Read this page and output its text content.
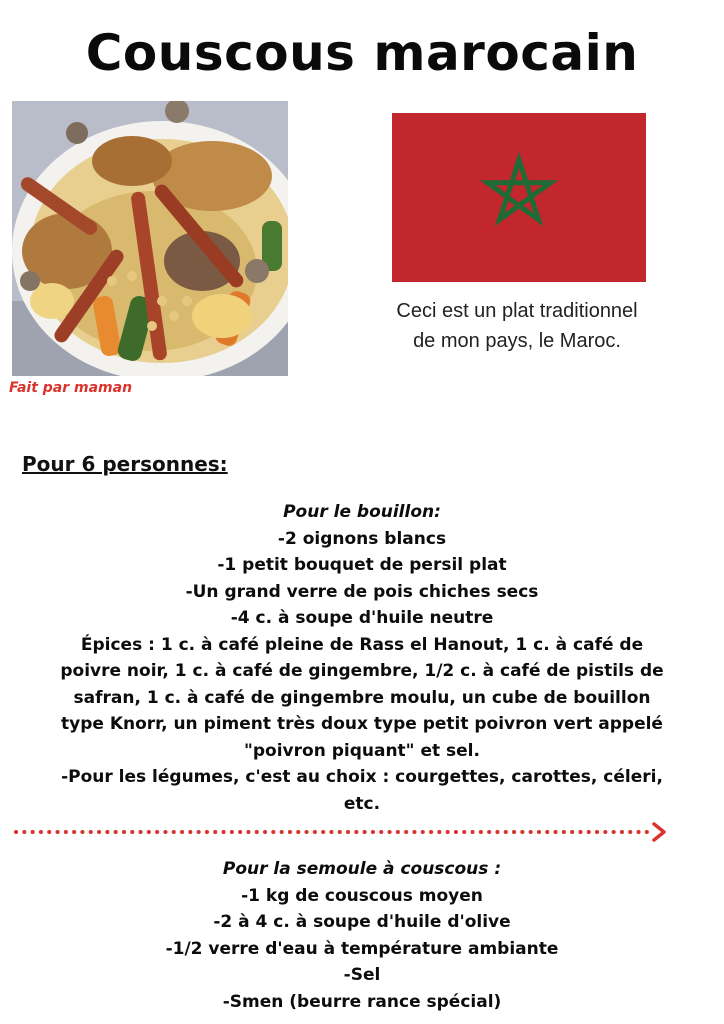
Couscous marocain
Fait par maman
Ceci est un plat traditionnel
de mon pays, le Maroc.
Pour 6 personnes:
Pour le bouillon:
-2 oignons blancs
-1 petit bouquet de persil plat
-Un grand verre de pois chiches secs
-4 c. à soupe d'huile neutre
Épices : 1 c. à café pleine de Rass el Hanout, 1 c. à café de
poivre noir, 1 c. à café de gingembre, 1/2 c. à café de pistils de
safran, 1 c. à café de gingembre moulu, un cube de bouillon
type Knorr, un piment très doux type petit poivron vert appelé
"poivron piquant" et sel.
-Pour les légumes, c'est au choix : courgettes, carottes, céleri,
etc.
Pour la semoule à couscous :
-1 kg de couscous moyen
-2 à 4 c. à soupe d'huile d'olive
-1/2 verre d'eau à température ambiante
-Sel
-Smen (beurre rance spécial)
